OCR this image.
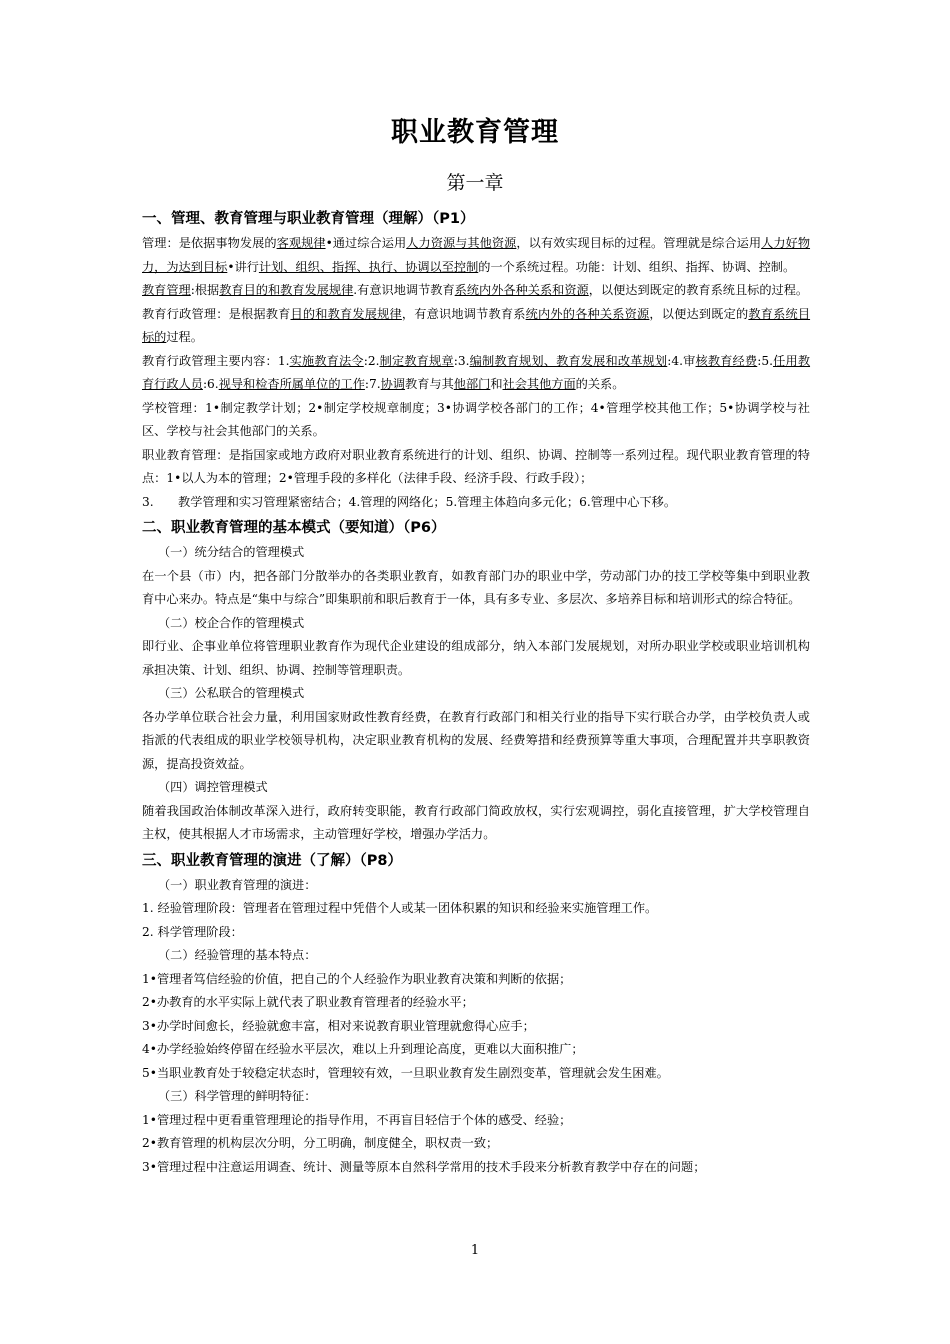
职业教育管理
第一章
一、管理、教育管理与职业教育管理（理解）（P1）

管理：是依据事物发展的客观规律•通过综合运用人力资源与其他资源，以有效实现目标的过程。管理就是综合运用人力好物力，为达到目标•讲行计划、组织、指挥、执行、协调以至控制的一个系统过程。功能：计划、组织、指挥、协调、控制。

教育管理:根据教育目的和教育发展规律.有意识地调节教育系统内外各种关系和资源，以便达到既定的教育系统且标的过程。

教育行政管理：是根据教育目的和教育发展规律，有意识地调节教育系统内外的各种关系资源，以便达到既定的教育系统目标的过程。

教育行政管理主要内容：1.实施教育法令:2.制定教育规章:3.编制教育规划、教育发展和改革规划:4.审核教育经费:5.任用教育行政人员:6.视导和检杳所属单位的工作:7.协调教育与其他部门和社会其他方面的关系。

学校管理：1•制定教学计划；2•制定学校规章制度；3•协调学校各部门的工作；4•管理学校其他工作；5•协调学校与社区、学校与社会其他部门的关系。

职业教育管理：是指国家或地方政府对职业教育系统进行的计划、组织、协调、控制等一系列过程。现代职业教育管理的特点：1•以人为本的管理；2•管理手段的多样化（法律手段、经济手段、行政手段）；

3.　　教学管理和实习管理紧密结合；4.管理的网络化；5.管理主体趋向多元化；6.管理中心下移。

二、职业教育管理的基本模式（要知道）（P6）

（一）统分结合的管理模式

在一个县（市）内，把各部门分散举办的各类职业教育，如教育部门办的职业中学，劳动部门办的技工学校等集中到职业教育中心来办。特点是“集中与综合”即集职前和职后教育于一体，具有多专业、多层次、多培养目标和培训形式的综合特征。

（二）校企合作的管理模式

即行业、企事业单位将管理职业教育作为现代企业建设的组成部分，纳入本部门发展规划，对所办职业学校或职业培训机构承担决策、计划、组织、协调、控制等管理职责。

（三）公私联合的管理模式

各办学单位联合社会力量，利用国家财政性教育经费，在教育行政部门和相关行业的指导下实行联合办学，由学校负责人或指派的代表组成的职业学校领导机构，决定职业教育机构的发展、经费筹措和经费预算等重大事项，合理配置并共享职教资源，提高投资效益。

（四）调控管理模式

随着我国政治体制改革深入进行，政府转变职能，教育行政部门简政放权，实行宏观调控，弱化直接管理，扩大学校管理自主权，使其根据人才市场需求，主动管理好学校，增强办学活力。

三、职业教育管理的演进（了解）（P8）

（一）职业教育管理的演进：

1. 经验管理阶段：管理者在管理过程中凭借个人或某一团体积累的知识和经验来实施管理工作。

2. 科学管理阶段：

（二）经验管理的基本特点：

1•管理者笃信经验的价值，把自己的个人经验作为职业教育决策和判断的依据；

2•办教育的水平实际上就代表了职业教育管理者的经验水平；

3•办学时间愈长，经验就愈丰富，相对来说教育职业管理就愈得心应手；

4•办学经验始终停留在经验水平层次，难以上升到理论高度，更难以大面积推广；

5•当职业教育处于较稳定状态时，管理较有效，一旦职业教育发生剧烈变革，管理就会发生困难。

（三）科学管理的鲜明特征：

1•管理过程中更看重管理理论的指导作用，不再盲目轻信于个体的感受、经验；

2•教育管理的机构层次分明，分工明确，制度健全，职权责一致；

3•管理过程中注意运用调查、统计、测量等原本自然科学常用的技术手段来分析教育教学中存在的问题；

1
